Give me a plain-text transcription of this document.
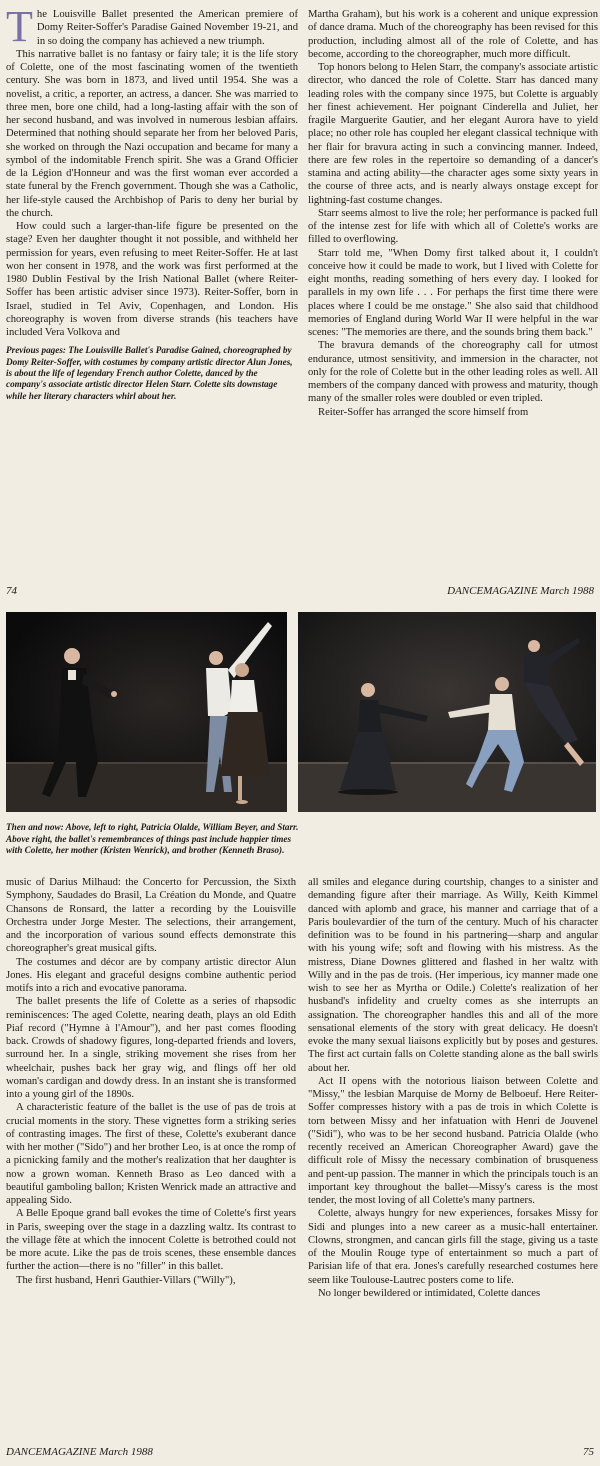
The Louisville Ballet presented the American premiere of Domy Reiter-Soffer's Paradise Gained November 19-21, and in so doing the company has achieved a new triumph.

This narrative ballet is no fantasy or fairy tale; it is the life story of Colette, one of the most fascinating women of the twentieth century. She was born in 1873, and lived until 1954. She was a novelist, a critic, a reporter, an actress, a dancer. She was married to three men, bore one child, had a long-lasting affair with the son of her second husband, and was involved in numerous lesbian affairs. Determined that nothing should separate her from her beloved Paris, she worked on through the Nazi occupation and became for many a symbol of the indomitable French spirit. She was a Grand Officier de la Légion d'Honneur and was the first woman ever accorded a state funeral by the French government. Though she was a Catholic, her life-style caused the Archbishop of Paris to deny her burial by the church.

How could such a larger-than-life figure be presented on the stage? Even her daughter thought it not possible, and withheld her permission for years, even refusing to meet Reiter-Soffer. He at last won her consent in 1978, and the work was first performed at the 1980 Dublin Festival by the Irish National Ballet (where Reiter-Soffer has been artistic adviser since 1973). Reiter-Soffer, born in Israel, studied in Tel Aviv, Copenhagen, and London. His choreography is woven from diverse strands (his teachers have included Vera Volkova and

Previous pages: The Louisville Ballet's Paradise Gained, choreographed by Domy Reiter-Soffer, with costumes by company artistic director Alun Jones, is about the life of legendary French author Colette, danced by the company's associate artistic director Helen Starr. Colette sits downstage while her literary characters whirl about her.

Martha Graham), but his work is a coherent and unique expression of dance drama. Much of the choreography has been revised for this production, including almost all of the role of Colette, and has become, according to the choreographer, much more difficult.

Top honors belong to Helen Starr, the company's associate artistic director, who danced the role of Colette. Starr has danced many leading roles with the company since 1975, but Colette is arguably her finest achievement. Her poignant Cinderella and Juliet, her fragile Marguerite Gautier, and her elegant Aurora have to yield place; no other role has coupled her elegant classical technique with her flair for bravura acting in such a convincing manner. Indeed, there are few roles in the repertoire so demanding of a dancer's stamina and acting ability—the character ages some sixty years in the course of three acts, and is nearly always onstage except for lightning-fast costume changes.

Starr seems almost to live the role; her performance is packed full of the intense zest for life with which all of Colette's works are filled to overflowing.

Starr told me, "When Domy first talked about it, I couldn't conceive how it could be made to work, but I lived with Colette for eight months, reading something of hers every day. I looked for parallels in my own life . . . For perhaps the first time there were places where I could be me onstage." She also said that childhood memories of England during World War II were helpful in the war scenes: "The memories are there, and the sounds bring them back."

The bravura demands of the choreography call for utmost endurance, utmost sensitivity, and immersion in the character, not only for the role of Colette but in the other leading roles as well. All members of the company danced with prowess and maturity, though many of the smaller roles were doubled or even tripled.

Reiter-Soffer has arranged the score himself from

74	DANCEMAGAZINE March 1988
Then and now: Above, left to right, Patricia Olalde, William Beyer, and Starr. Above right, the ballet's remembrances of things past include happier times with Colette, her mother (Kristen Wenrick), and brother (Kenneth Braso).

music of Darius Milhaud: the Concerto for Percussion, the Sixth Symphony, Saudades do Brasil, La Création du Monde, and Quatre Chansons de Ronsard, the latter a recording by the Louisville Orchestra under Jorge Mester. The selections, their arrangement, and the incorporation of various sound effects demonstrate this choreographer's great musical gifts.

The costumes and décor are by company artistic director Alun Jones. His elegant and graceful designs combine authentic period motifs into a rich and evocative panorama.

The ballet presents the life of Colette as a series of rhapsodic reminiscences: The aged Colette, nearing death, plays an old Edith Piaf record ("Hymne à l'Amour"), and her past comes flooding back. Crowds of shadowy figures, long-departed friends and lovers, surround her. In a single, striking movement she rises from her wheelchair, pushes back her gray wig, and flings off her old woman's cardigan and dowdy dress. In an instant she is transformed into a young girl of the 1890s.

A characteristic feature of the ballet is the use of pas de trois at crucial moments in the story. These vignettes form a striking series of contrasting images. The first of these, Colette's exuberant dance with her mother ("Sido") and her brother Leo, is at once the romp of a picnicking family and the mother's realization that her daughter is now a grown woman. Kenneth Braso as Leo danced with a beautiful gamboling ballon; Kristen Wenrick made an attractive and appealing Sido.

A Belle Epoque grand ball evokes the time of Colette's first years in Paris, sweeping over the stage in a dazzling waltz. Its contrast to the village fête at which the innocent Colette is betrothed could not be more acute. Like the pas de trois scenes, these ensemble dances further the action—there is no "filler" in this ballet.

The first husband, Henri Gauthier-Villars ("Willy"),

all smiles and elegance during courtship, changes to a sinister and demanding figure after their marriage. As Willy, Keith Kimmel danced with aplomb and grace, his manner and carriage that of a Paris boulevardier of the turn of the century. Much of his character definition was to be found in his partnering—sharp and angular with his young wife; soft and flowing with his mistress. As the mistress, Diane Downes glittered and flashed in her waltz with Willy and in the pas de trois. (Her imperious, icy manner made one wish to see her as Myrtha or Odile.) Colette's realization of her husband's infidelity and cruelty comes as she interrupts an assignation. The choreographer handles this and all of the more sensational elements of the story with great delicacy. He doesn't evoke the many sexual liaisons explicitly but by poses and gestures. The first act curtain falls on Colette standing alone as the ball swirls about her.

Act II opens with the notorious liaison between Colette and "Missy," the lesbian Marquise de Morny de Belboeuf. Here Reiter-Soffer compresses history with a pas de trois in which Colette is torn between Missy and her infatuation with Henri de Jouvenel ("Sidi"), who was to be her second husband. Patricia Olalde (who recently received an American Choreographer Award) gave the difficult role of Missy the necessary combination of brusqueness and pent-up passion. The manner in which the principals touch is an important key throughout the ballet—Missy's caress is the most tender, the most loving of all Colette's many partners.

Colette, always hungry for new experiences, forsakes Missy for Sidi and plunges into a new career as a music-hall entertainer. Clowns, strongmen, and cancan girls fill the stage, giving us a taste of the Moulin Rouge type of entertainment so much a part of Parisian life of that era. Jones's carefully researched costumes here seem like Toulouse-Lautrec posters come to life.

No longer bewildered or intimidated, Colette dances

DANCEMAGAZINE March 1988	75
